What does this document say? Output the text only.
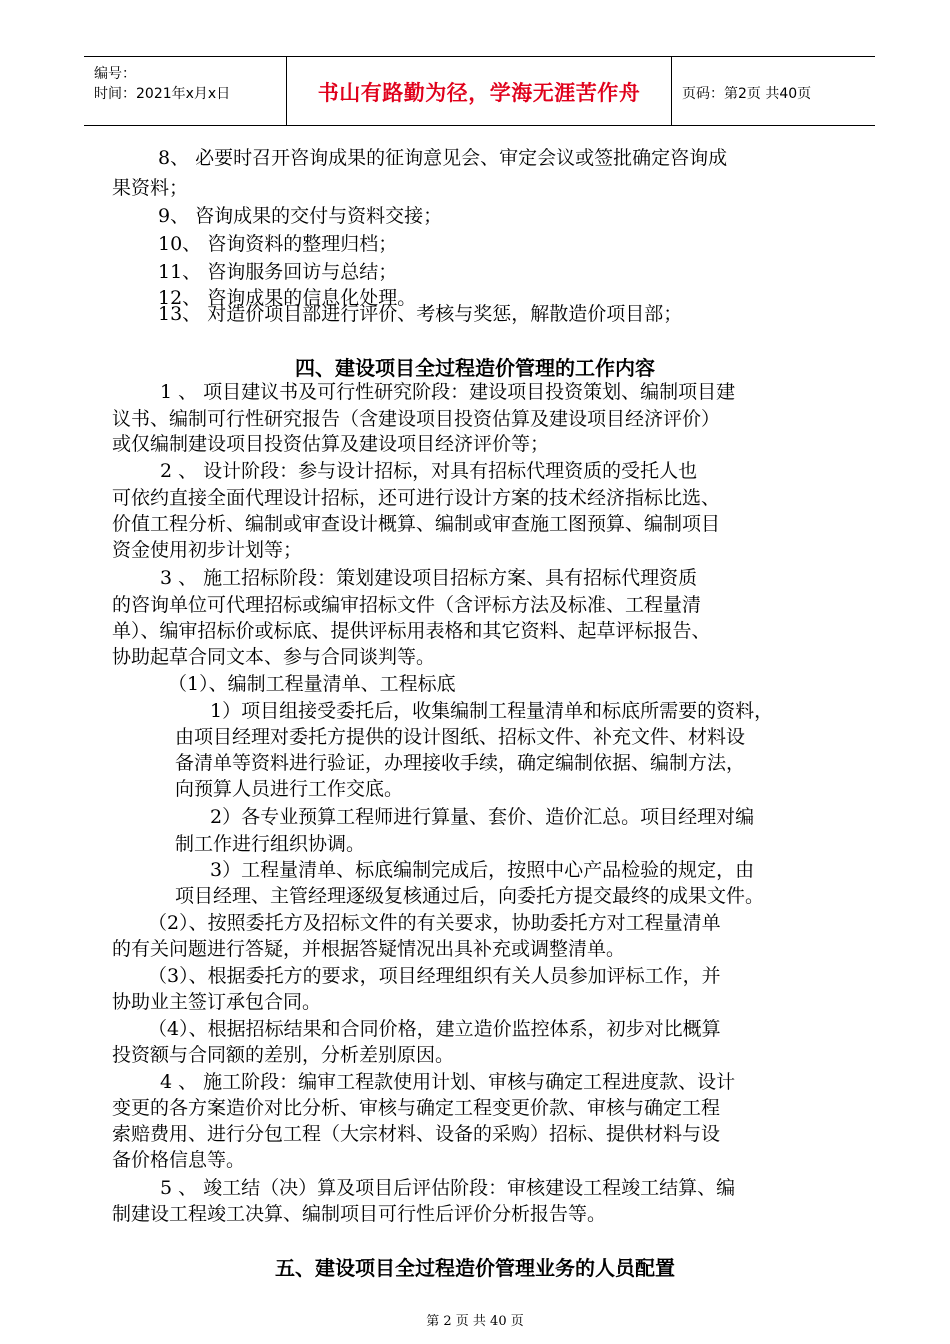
编号：
时间：2021年x月x日	书山有路勤为径，学海无涯苦作舟	页码：第2页 共40页
8、 必要时召开咨询成果的征询意见会、审定会议或签批确定咨询成
果资料；
9、 咨询成果的交付与资料交接；
10、 咨询资料的整理归档；
11、 咨询服务回访与总结；
12、 咨询成果的信息化处理。
13、 对造价项目部进行评价、考核与奖惩，解散造价项目部；
四、建设项目全过程造价管理的工作内容
1 、 项目建议书及可行性研究阶段：建设项目投资策划、编制项目建
议书、编制可行性研究报告（含建设项目投资估算及建设项目经济评价）
或仅编制建设项目投资估算及建设项目经济评价等；
2 、 设计阶段：参与设计招标，对具有招标代理资质的受托人也
可依约直接全面代理设计招标，还可进行设计方案的技术经济指标比选、
价值工程分析、编制或审查设计概算、编制或审查施工图预算、编制项目
资金使用初步计划等；
3 、 施工招标阶段：策划建设项目招标方案、具有招标代理资质
的咨询单位可代理招标或编审招标文件（含评标方法及标准、工程量清
单）、编审招标价或标底、提供评标用表格和其它资料、起草评标报告、
协助起草合同文本、参与合同谈判等。
（1）、编制工程量清单、工程标底
1）项目组接受委托后，收集编制工程量清单和标底所需要的资料，
由项目经理对委托方提供的设计图纸、招标文件、补充文件、材料设
备清单等资料进行验证，办理接收手续，确定编制依据、编制方法，
向预算人员进行工作交底。
2）各专业预算工程师进行算量、套价、造价汇总。项目经理对编
制工作进行组织协调。
3）工程量清单、标底编制完成后，按照中心产品检验的规定，由
项目经理、主管经理逐级复核通过后，向委托方提交最终的成果文件。
（2）、按照委托方及招标文件的有关要求，协助委托方对工程量清单
的有关问题进行答疑，并根据答疑情况出具补充或调整清单。
（3）、根据委托方的要求，项目经理组织有关人员参加评标工作，并
协助业主签订承包合同。
（4）、根据招标结果和合同价格，建立造价监控体系，初步对比概算
投资额与合同额的差别，分析差别原因。
4 、 施工阶段：编审工程款使用计划、审核与确定工程进度款、设计
变更的各方案造价对比分析、审核与确定工程变更价款、审核与确定工程
索赔费用、进行分包工程（大宗材料、设备的采购）招标、提供材料与设
备价格信息等。
5 、 竣工结（决）算及项目后评估阶段：审核建设工程竣工结算、编
制建设工程竣工决算、编制项目可行性后评价分析报告等。
五、建设项目全过程造价管理业务的人员配置
第 2 页 共 40 页
